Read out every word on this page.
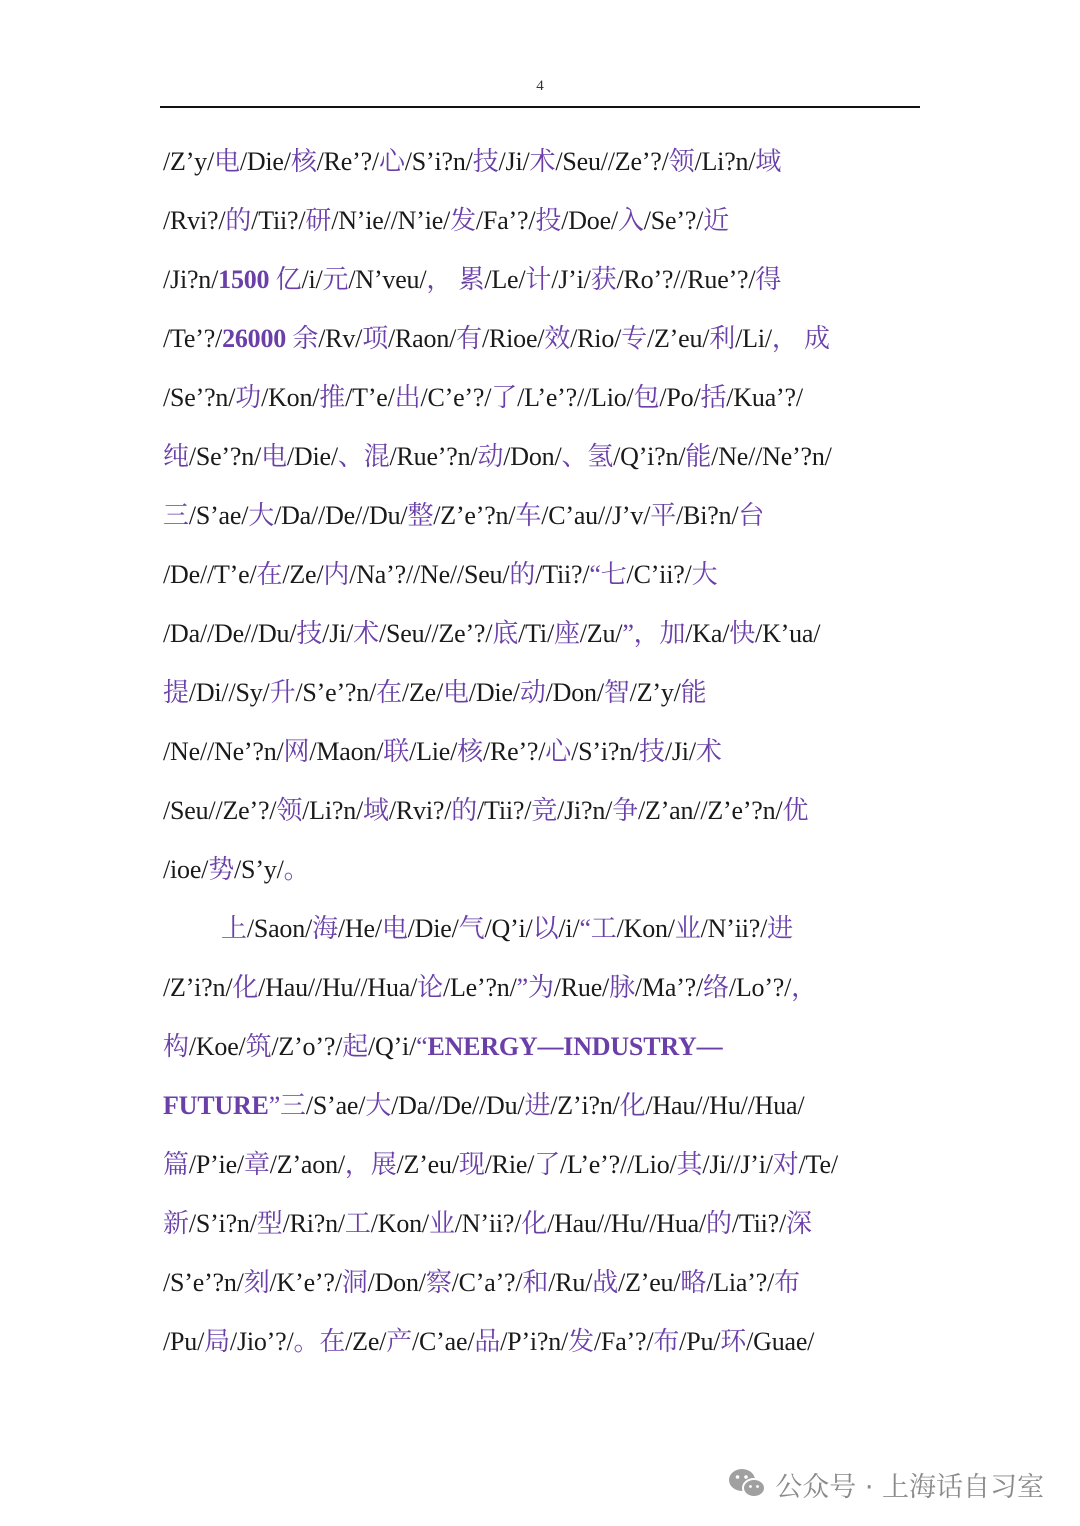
4
/Z’y/电/Die/核/Re’?/心/S’i?n/技/Ji/术/Seu//Ze’?/领/Li?n/域
/Rvi?/的/Tii?/研/N’ie//N’ie/发/Fa’?/投/Doe/入/Se’?/近
/Ji?n/1500 亿/i/元/N’veu/， 累/Le/计/J’i/获/Ro’?//Rue’?/得
/Te’?/26000 余/Rv/项/Raon/有/Rioe/效/Rio/专/Z’eu/利/Li/， 成
/Se’?n/功/Kon/推/T’e/出/C’e’?/了/L’e’?//Lio/包/Po/括/Kua’?/
纯/Se’?n/电/Die/、混/Rue’?n/动/Don/、氢/Q’i?n/能/Ne//Ne’?n/
三/S’ae/大/Da//De//Du/整/Z’e’?n/车/C’au//J’v/平/Bi?n/台
/De//T’e/在/Ze/内/Na’?//Ne//Seu/的/Tii?/“七/C’ii?/大
/Da//De//Du/技/Ji/术/Seu//Ze’?/底/Ti/座/Zu/”，加/Ka/快/K’ua/
提/Di//Sy/升/S’e’?n/在/Ze/电/Die/动/Don/智/Z’y/能
/Ne//Ne’?n/网/Maon/联/Lie/核/Re’?/心/S’i?n/技/Ji/术
/Seu//Ze’?/领/Li?n/域/Rvi?/的/Tii?/竞/Ji?n/争/Z’an//Z’e’?n/优
/ioe/势/S’y/。
上/Saon/海/He/电/Die/气/Q’i/以/i/“工/Kon/业/N’ii?/进
/Z’i?n/化/Hau//Hu//Hua/论/Le’?n/”为/Rue/脉/Ma’?/络/Lo’?/，
构/Koe/筑/Z’o’?/起/Q’i/“ENERGY—INDUSTRY—
FUTURE”三/S’ae/大/Da//De//Du/进/Z’i?n/化/Hau//Hu//Hua/
篇/P’ie/章/Z’aon/，展/Z’eu/现/Rie/了/L’e’?//Lio/其/Ji//J’i/对/Te/
新/S’i?n/型/Ri?n/工/Kon/业/N’ii?/化/Hau//Hu//Hua/的/Tii?/深
/S’e’?n/刻/K’e’?/洞/Don/察/C’a’?/和/Ru/战/Z’eu/略/Lia’?/布
/Pu/局/Jio’?/。在/Ze/产/C’ae/品/P’i?n/发/Fa’?/布/Pu/环/Guae/
公众号 · 上海话自习室
